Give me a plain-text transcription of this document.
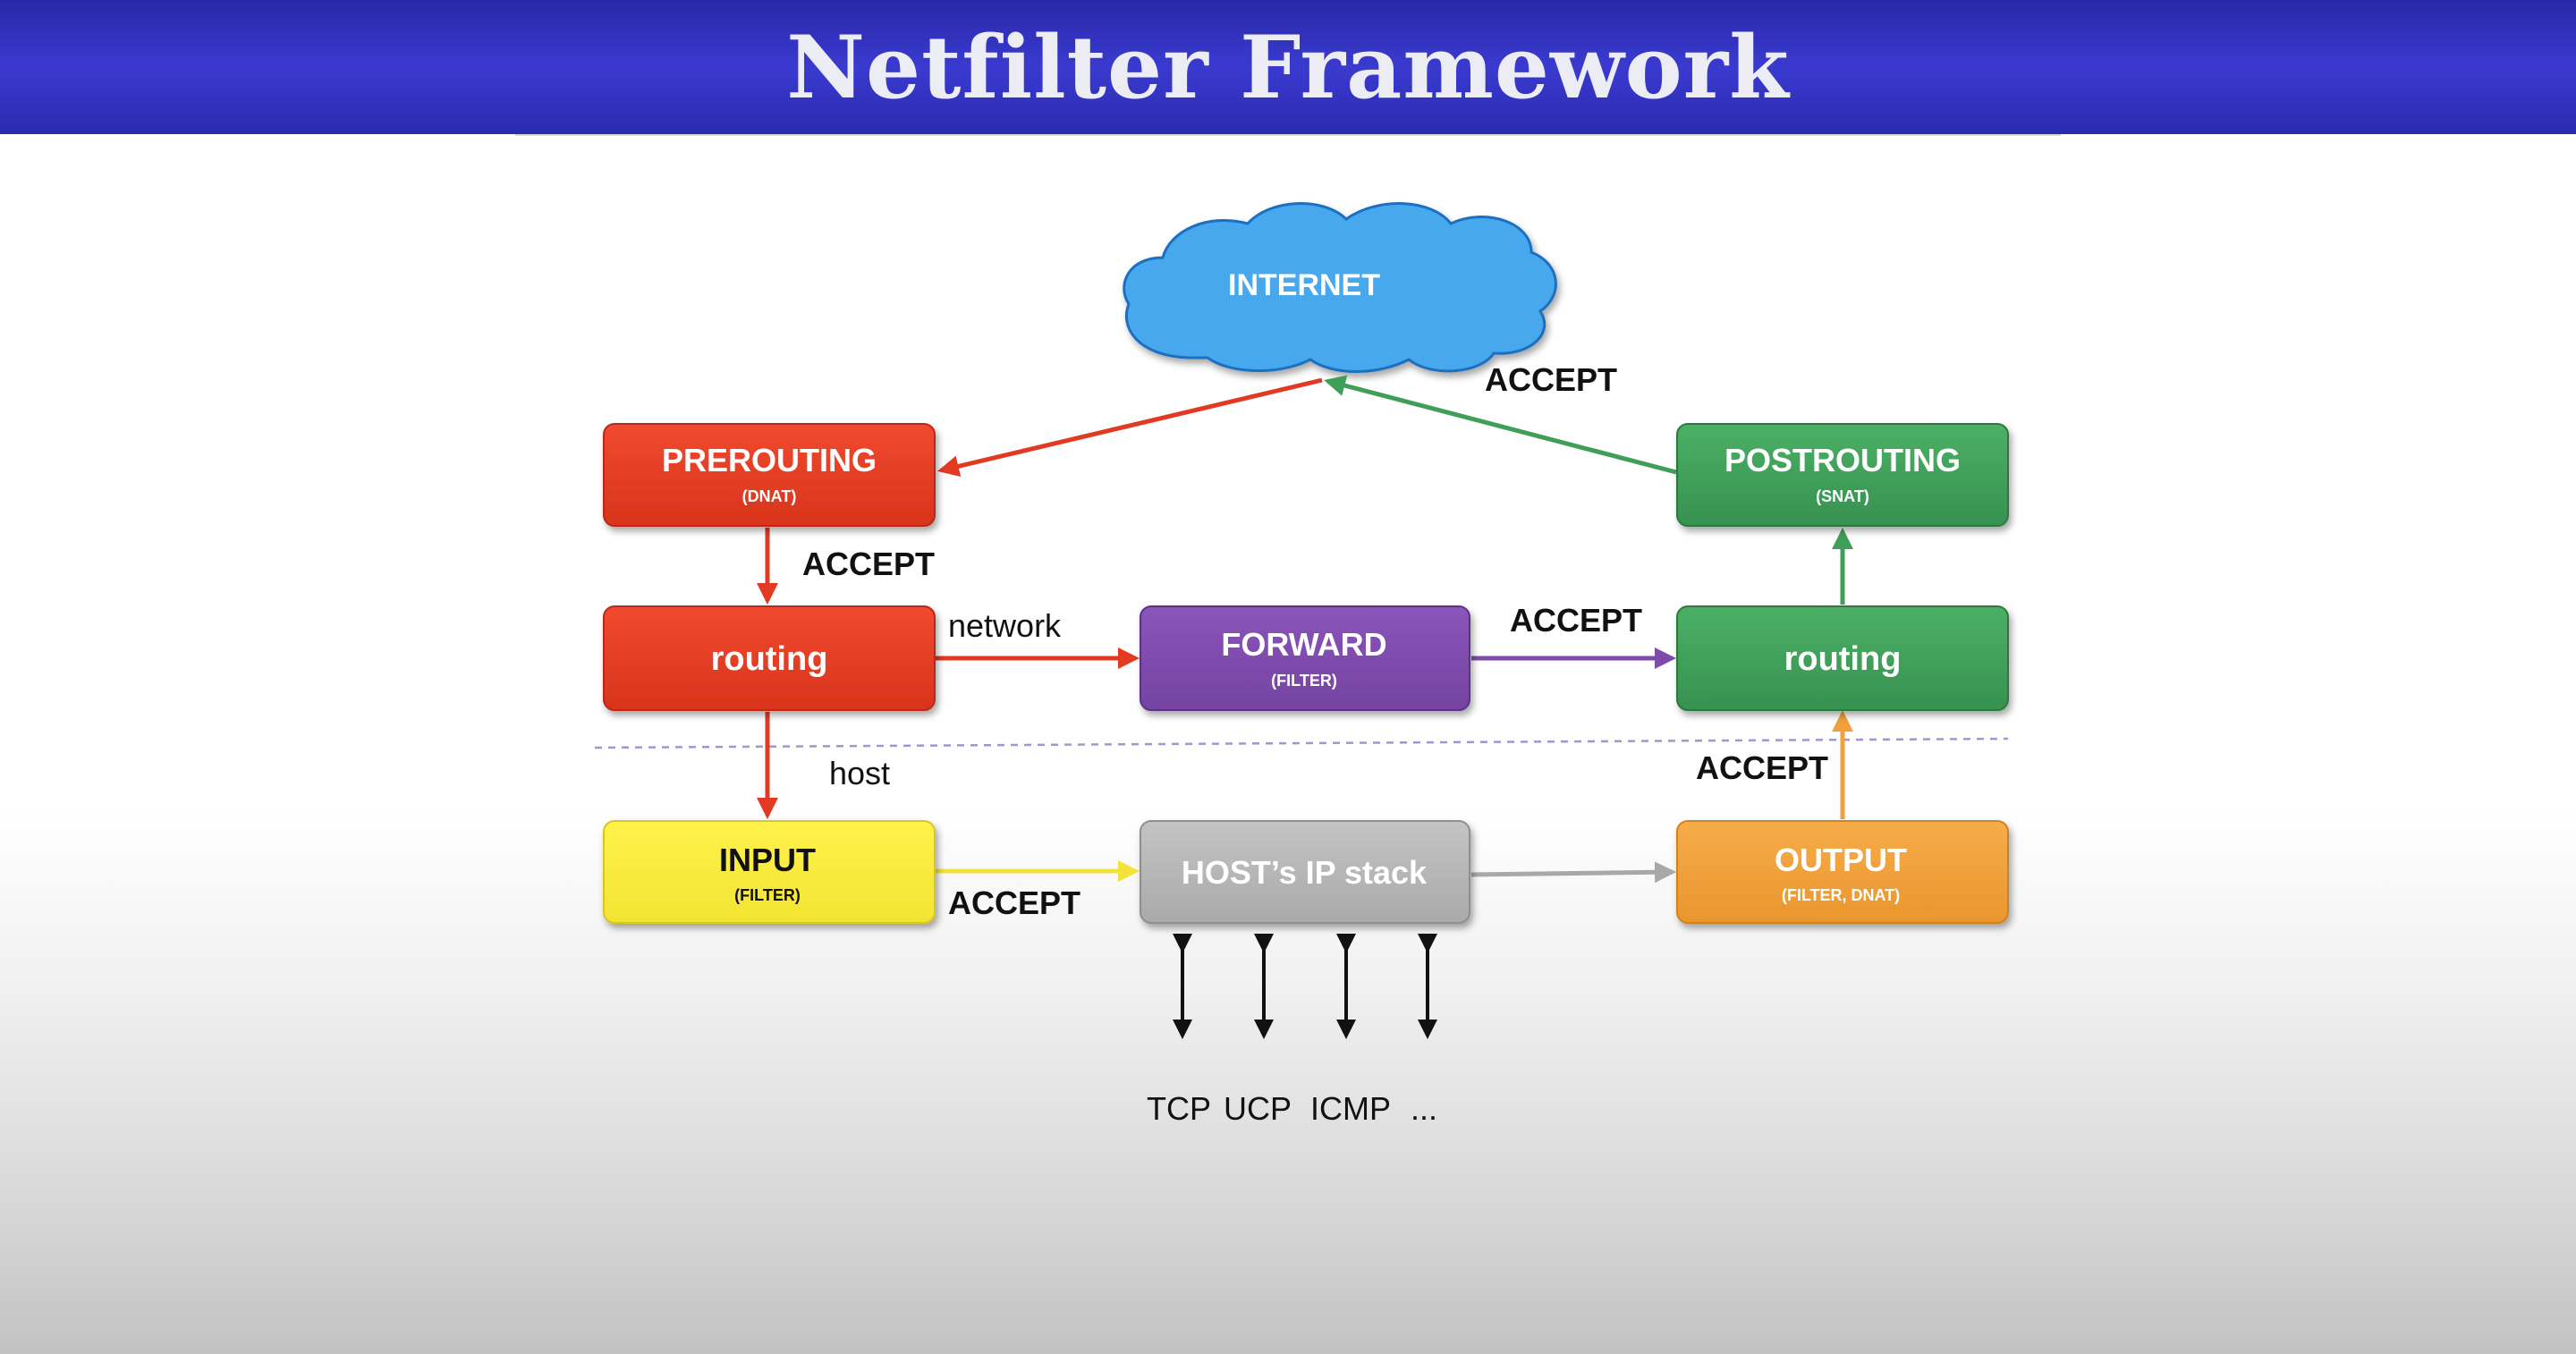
Netfilter Framework
INTERNET
PREROUTING
(DNAT)
routing	FORWARD
(FILTER)
routing
POSTROUTING
(SNAT)
INPUT
(FILTER)
HOST’s IP stack	OUTPUT
(FILTER, DNAT)
ACCEPT
ACCEPT
network	ACCEPT
host	ACCEPT
ACCEPT
TCP UCP ICMP ...
